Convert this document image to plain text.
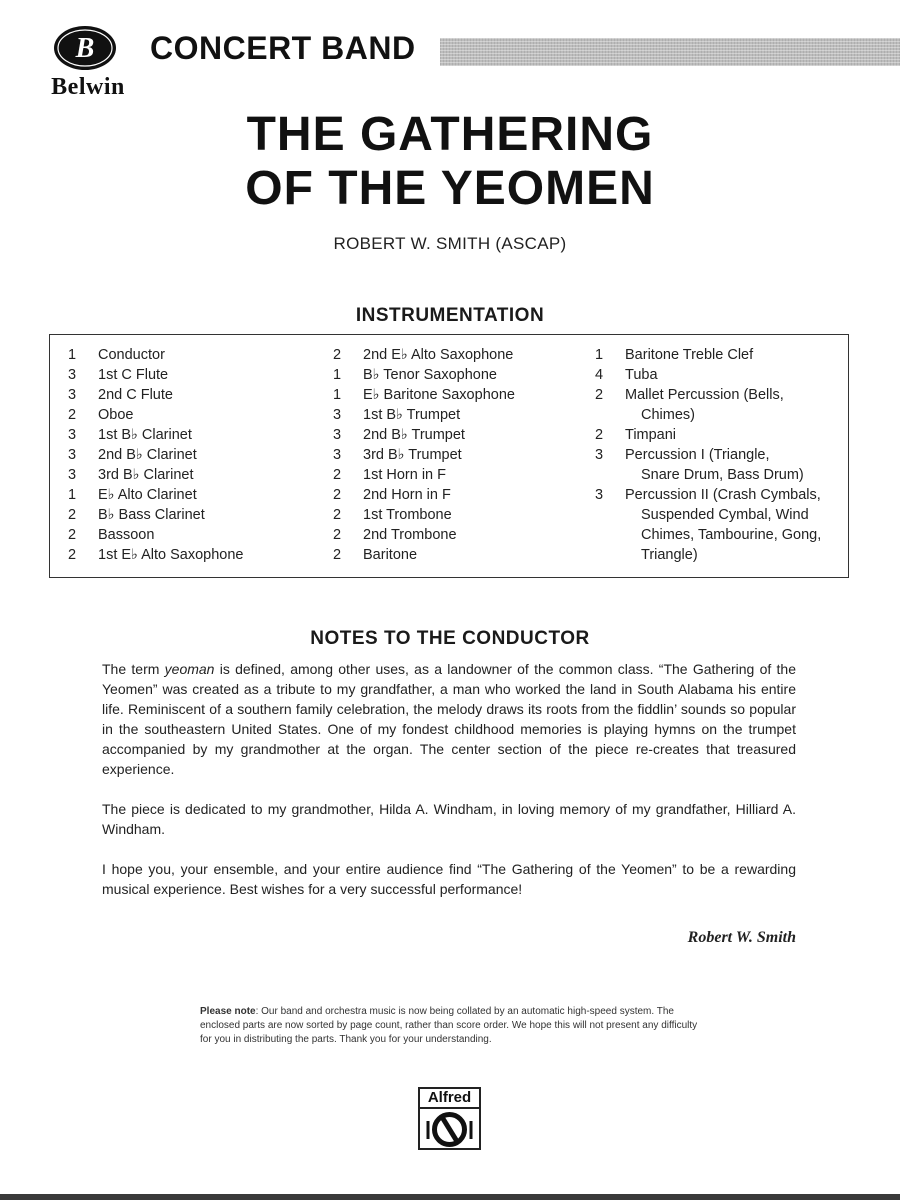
B
Belwin
CONCERT BAND
THE GATHERING
OF THE YEOMEN
ROBERT W. SMITH (ASCAP)
INSTRUMENTATION
1	Conductor
3	1st C Flute
3	2nd C Flute
2	Oboe
3	1st B♭ Clarinet
3	2nd B♭ Clarinet
3	3rd B♭ Clarinet
1	E♭ Alto Clarinet
2	B♭ Bass Clarinet
2	Bassoon
2	1st E♭ Alto Saxophone
2	2nd E♭ Alto Saxophone
1	B♭ Tenor Saxophone
1	E♭ Baritone Saxophone
3	1st B♭ Trumpet
3	2nd B♭ Trumpet
3	3rd B♭ Trumpet
2	1st Horn in F
2	2nd Horn in F
2	1st Trombone
2	2nd Trombone
2	Baritone
1	Baritone Treble Clef
4	Tuba
2	Mallet Percussion (Bells,
Chimes)
2	Timpani
3	Percussion I (Triangle,
Snare Drum, Bass Drum)
3	Percussion II (Crash Cymbals,
Suspended Cymbal, Wind
Chimes, Tambourine, Gong,
Triangle)
NOTES TO THE CONDUCTOR

The term yeoman is defined, among other uses, as a landowner of the common class. “The Gathering of the Yeomen” was created as a tribute to my grandfather, a man who worked the land in South Alabama his entire life. Reminiscent of a southern family celebration, the melody draws its roots from the fiddlin’ sounds so popular in the southeastern United States. One of my fondest childhood memories is playing hymns on the trumpet accompanied by my grandmother at the organ. The center section of the piece re-creates that treasured experience.

The piece is dedicated to my grandmother, Hilda A. Windham, in loving memory of my grandfather, Hilliard A. Windham.

I hope you, your ensemble, and your entire audience find “The Gathering of the Yeomen” to be a rewarding musical experience. Best wishes for a very successful performance!

Robert W. Smith
Please note: Our band and orchestra music is now being collated by an automatic high-speed system. The enclosed parts are now sorted by page count, rather than score order. We hope this will not present any difficulty for you in distributing the parts. Thank you for your understanding.
Alfred
